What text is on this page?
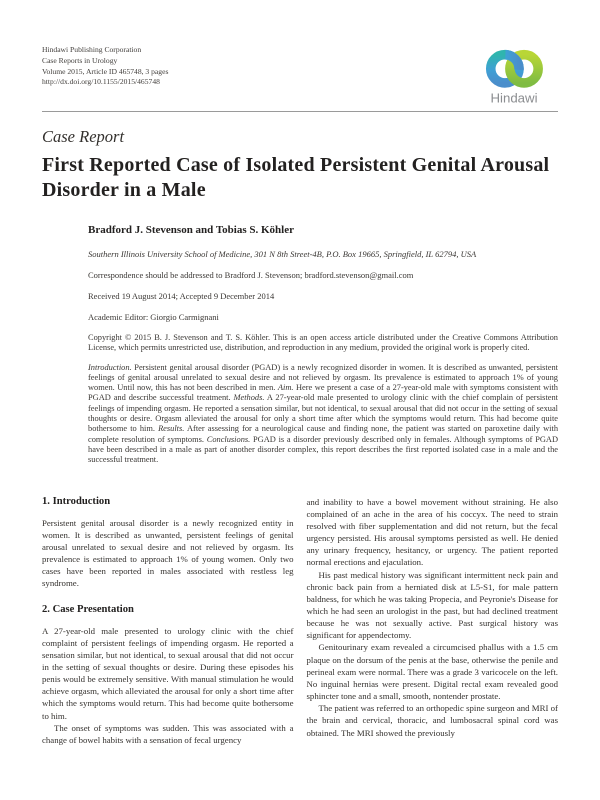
Hindawi Publishing Corporation
Case Reports in Urology
Volume 2015, Article ID 465748, 3 pages
http://dx.doi.org/10.1155/2015/465748
Hindawi
Case Report
First Reported Case of Isolated Persistent Genital Arousal Disorder in a Male
Bradford J. Stevenson and Tobias S. Köhler
Southern Illinois University School of Medicine, 301 N 8th Street-4B, P.O. Box 19665, Springfield, IL 62794, USA
Correspondence should be addressed to Bradford J. Stevenson; bradford.stevenson@gmail.com
Received 19 August 2014; Accepted 9 December 2014
Academic Editor: Giorgio Carmignani
Copyright © 2015 B. J. Stevenson and T. S. Köhler. This is an open access article distributed under the Creative Commons Attribution License, which permits unrestricted use, distribution, and reproduction in any medium, provided the original work is properly cited.
Introduction. Persistent genital arousal disorder (PGAD) is a newly recognized disorder in women. It is described as unwanted, persistent feelings of genital arousal unrelated to sexual desire and not relieved by orgasm. Its prevalence is estimated to approach 1% of young women. Until now, this has not been described in men. Aim. Here we present a case of a 27-year-old male with symptoms consistent with PGAD and describe successful treatment. Methods. A 27-year-old male presented to urology clinic with the chief complain of persistent feelings of impending orgasm. He reported a sensation similar, but not identical, to sexual arousal that did not occur in the setting of sexual thoughts or desire. Orgasm alleviated the arousal for only a short time after which the symptoms would return. This had become quite bothersome to him. Results. After assessing for a neurological cause and finding none, the patient was started on paroxetine daily with complete resolution of symptoms. Conclusions. PGAD is a disorder previously described only in females. Although symptoms of PGAD have been described in a male as part of another disorder complex, this report describes the first reported isolated case in a male and the successful treatment.
1. Introduction

Persistent genital arousal disorder is a newly recognized entity in women. It is described as unwanted, persistent feelings of genital arousal unrelated to sexual desire and not relieved by orgasm. Its prevalence is estimated to approach 1% of young women. Only two cases have been reported in males associated with restless leg syndrome.

2. Case Presentation

A 27-year-old male presented to urology clinic with the chief complaint of persistent feelings of impending orgasm. He reported a sensation similar, but not identical, to sexual arousal that did not occur in the setting of sexual thoughts or desire. During these episodes his penis would be extremely sensitive. With manual stimulation he would achieve orgasm, which alleviated the arousal for only a short time after which the symptoms would return. This had become quite bothersome to him.

The onset of symptoms was sudden. This was associated with a change of bowel habits with a sensation of fecal urgency

and inability to have a bowel movement without straining. He also complained of an ache in the area of his coccyx. The need to strain resolved with fiber supplementation and did not return, but the fecal urgency persisted. His arousal symptoms persisted as well. He denied any urinary frequency, hesitancy, or urgency. The patient reported normal erections and ejaculation.

His past medical history was significant intermittent neck pain and chronic back pain from a herniated disk at L5-S1, for male pattern baldness, for which he was taking Propecia, and Peyronie's Disease for which he had seen an urologist in the past, but had declined treatment because he was not sexually active. Past surgical history was significant for appendectomy.

Genitourinary exam revealed a circumcised phallus with a 1.5 cm plaque on the dorsum of the penis at the base, otherwise the penile and perineal exam were normal. There was a grade 3 varicocele on the left. No inguinal hernias were present. Digital rectal exam revealed good sphincter tone and a small, smooth, nontender prostate.

The patient was referred to an orthopedic spine surgeon and MRI of the brain and cervical, thoracic, and lumbosacral spinal cord was obtained. The MRI showed the previously
